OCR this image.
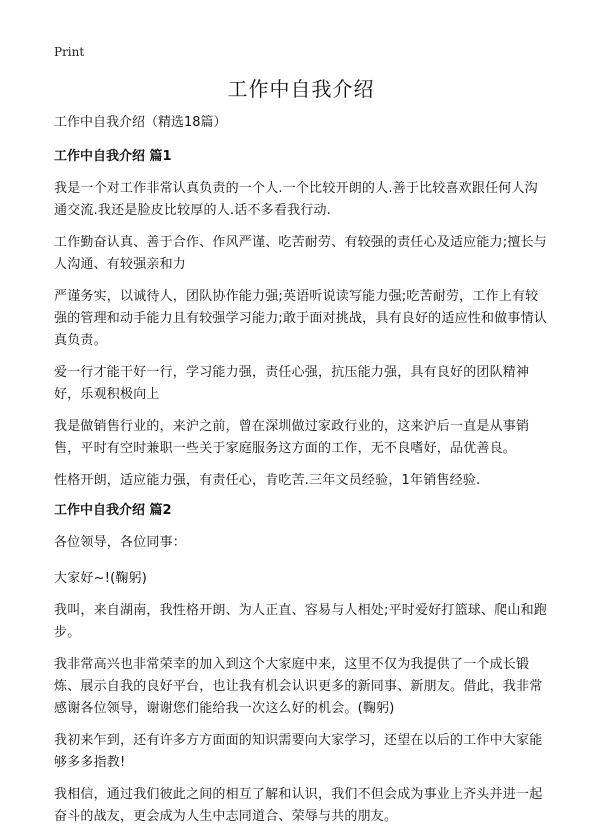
Print
工作中自我介绍

工作中自我介绍（精选18篇）

工作中自我介绍 篇1

我是一个对工作非常认真负责的一个人.一个比较开朗的人.善于比较喜欢跟任何人沟通交流.我还是脸皮比较厚的人.话不多看我行动.

工作勤奋认真、善于合作、作风严谨、吃苦耐劳、有较强的责任心及适应能力;擅长与人沟通、有较强亲和力

严谨务实，以诚待人，团队协作能力强;英语听说读写能力强;吃苦耐劳，工作上有较强的管理和动手能力且有较强学习能力;敢于面对挑战，具有良好的适应性和做事情认真负责。

爱一行才能干好一行，学习能力强，责任心强，抗压能力强，具有良好的团队精神好，乐观积极向上

我是做销售行业的，来沪之前，曾在深圳做过家政行业的，这来沪后一直是从事销售，平时有空时兼职一些关于家庭服务这方面的工作，无不良嗜好，品优善良。

性格开朗，适应能力强，有责任心，肯吃苦.三年文员经验，1年销售经验.

工作中自我介绍 篇2

各位领导，各位同事：

大家好~!(鞠躬)

我叫，来自湖南，我性格开朗、为人正直、容易与人相处;平时爱好打篮球、爬山和跑步。

我非常高兴也非常荣幸的加入到这个大家庭中来，这里不仅为我提供了一个成长锻炼、展示自我的良好平台，也让我有机会认识更多的新同事、新朋友。借此，我非常感谢各位领导，谢谢您们能给我一次这么好的机会。(鞠躬)

我初来乍到，还有许多方方面面的知识需要向大家学习，还望在以后的工作中大家能够多多指教!

我相信，通过我们彼此之间的相互了解和认识，我们不但会成为事业上齐头并进一起奋斗的战友，更会成为人生中志同道合、荣辱与共的朋友。
